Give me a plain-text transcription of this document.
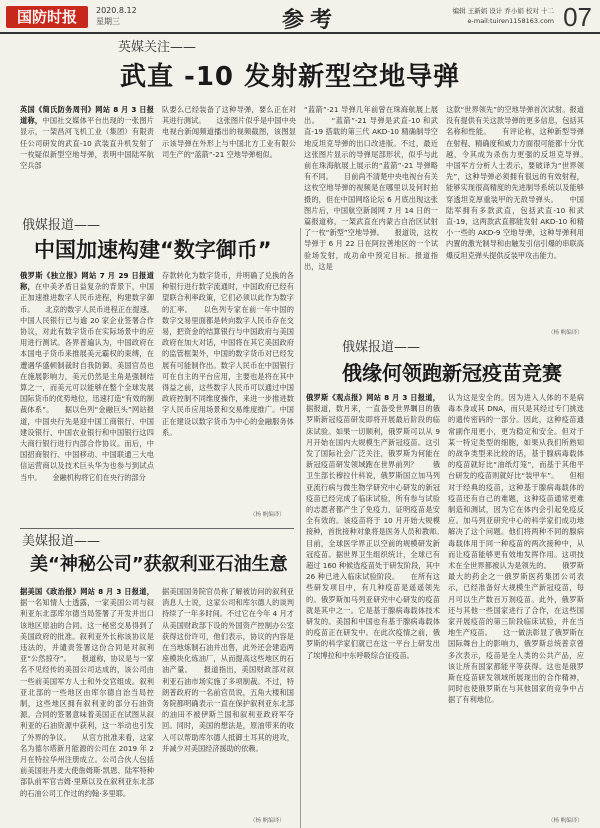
国防时报	2020.8.12
星期三	参考	编辑 王新娟 设计 乔小娟 校对 十二
e-mail:tuiren1158163.com 07
英媒关注——
武直 -10 发射新型空地导弹
英国《简氏防务周刊》网站 8 月 3 日报道称，中国社交媒体平台出现的一张图片显示，一架昌河飞机工业（集团）有限责任公司研发的武直-10 武装直升机发射了一枚疑似新型空地导弹，表明中国陆军航空兵部
队要么已经装备了这种导弹，要么正在对其进行测试。　　这张图片似乎是中国中央电视台新闻频道播出的视频截图，该图显示该导弹在外形上与中国北方工业有限公司生产的“蓝箭”-21 空地导弹相似。
“蓝箭”-21 导弹几年前曾在珠海航展上展出。　　“蓝箭”-21 导弹是武直-10 和武直-19 搭载的第三代 AKD-10 精确制导空地反坦克导弹的出口改进版。不过，最近这张图片显示的导弹尾部形状，似乎与此前在珠海航展上展示的“蓝箭”-21 导弹略有不同。　　目前尚不清楚中央电视台有关这枚空地导弹的视频是在哪里以及何时拍摄的，但在中国网络论坛 6 月底出现这张图片后，中国航空新闻网 7 月 14 日的一篇报道称，一架武直在内蒙古自治区试射了一枚“新型”空地导弹。　　报道说，这枚导弹于 6 月 22 日在阿拉善地区的一个试验场发射，成功命中预定目标。报道指出，这是
这款“世界领先”的空地导弹首次试射。报道没有提供有关这款导弹的更多信息，包括其名称和性能。　　有评论称，这种新型导弹在射程、精确度和威力方面很可能都十分优越，令其成为杀伤力更强的反坦克导弹。　　中国军方分析人士表示，要破译为“世界领先”，这种导弹必须拥有很远的有效射程，能够实现很高精度的先进制导系统以及能够穿透坦克厚重装甲的无敌导弹头。　　中国陆军拥有多款武直，包括武直-10 和武直-19，这两款武直都能发射 AKD-10 和精小一些的 AKD-9 空地导弹，这种导弹利用内置的激光制导和由触发引信引爆的串联高爆反坦克弹头提供反装甲攻击能力。
（杨 帆编译）
俄媒报道——
中国加速构建“数字御币”
俄罗斯《独立报》网站 7 月 29 日报道称，在中美矛盾日益复杂的背景下，中国正加速推进数字人民币进程，构建数字御币。　　北京的数字人民币进程正在提速。中国人民银行已与逾 20 家企业签署合作协议，对此有数字货币在实际场景中的应用进行测试。各界普遍认为，中国政府在本国电子货币来推展美元霸权的束缚，在遭遇华盛顿制裁时自我防御。美国官员也在施展影响力，美元仍然是主角是强制结算之一，而美元可以能够在整个全球发展国际货币的优势地位，迅速打造“有效的制裁体系”。　　据以色列“金融巨头”网站报道，中国央行先是迎中国工商银行、中国建设银行、中国农业银行和中国银行这四大商行银行进行内部合作协议。而后，中国招商银行、中国移动、中国联通三大电信运营商以及技术巨头华为也参与到试点当中。　　金融机构将它们在央行的部分
存款转化为数字货币，并明确了兑换的各种银行进行数字流通时，中国政府已经有望联合利率政策，它们必须以此作为数字的汇率。　　以色列专家在前一年中国的数字交易里面都是转向数字人民币存在交易，把资金的结算银行与中国政府与美国政府在加大对话，中国将在其它美国政府的监管框架外，中国的数字货币对已经发展有可能制作出。数字人民币在中国银行可在自主的平台应用，主要也是将在其中得益之前，这些数字人民币可以通过中国政府控制不同维度操作，来进一步推进数字人民币应用场景和交易维度推广。中国正在建设以数字货币为中心的金融服务体系。
（杨 帆编译）
俄媒报道——
俄缘何领跑新冠疫苗竞赛
俄罗斯《观点报》网站 8 月 3 日报道，据报道，数月来，一直备受世界瞩目的俄罗斯新冠疫苗研发即将开展最后阶段的临床试验。如果一切顺利，俄罗斯可以从 9 月开始在国内大规模生产新冠疫苗。这引发了国际社会广泛关注，俄罗斯为何能在新冠疫苗研发领域跑在世界前列？　　俄卫生部长穆拉什科说，俄罗斯国立加马列亚流行病与微生物学研究中心研发的新冠疫苗已经完成了临床试验，所有参与试验的志愿者都产生了免疫力，证明疫苗是安全有效的。该疫苗将于 10 月开始大规模接种，首批接种对象将是医务人员和教师。　　目前，全球医学界正以空前的规模研发新冠疫苗。据世界卫生组织统计，全球已有超过 160 种候选疫苗处于研发阶段，其中 26 种已进入临床试验阶段。　　在所有这些研发项目中，有几种疫苗是遥遥领先的。俄罗斯加马列亚研究中心研发的疫苗就是其中之一。它是基于腺病毒载体技术研发的。美国和中国也有基于腺病毒载体的疫苗正在研发中。在此次疫情之前，俄罗斯的科学家们就已在这一平台上研发出了埃博拉和中东呼吸综合征疫苗。
认为这是安全的。因为进入人体的不是病毒本身或其 DNA，而只是其经过专门挑选的遗传密码的一部分。因此，这种疫苗通常副作用更小，更为稳定和安全。但对于某一特定类型的细胞，如果从我们所熟知的战争类型来比较的话，基于腺病毒载体的疫苗就好比“油纸灯笼”，而基于其他平台研发的疫苗则就好比“装甲车”。　　但相对于经典的疫苗，这种基于腺病毒载体的疫苗还有自己的难题，这种疫苗通常更难制造和测试，因为它在体内会引起免疫反应。加马列亚研究中心的科学家们成功地解决了这个问题。他们将两种不同的腺病毒载体用于同一种疫苗的两次接种中，从而让疫苗能够更有效地发挥作用。这项技术在全世界都被认为是领先的。　　俄罗斯最大的药企之一俄罗斯医药集团公司表示，已经准备好大规模生产新冠疫苗，每月可以生产数百万剂疫苗。此外，俄罗斯还与其他一些国家进行了合作，在这些国家开展疫苗的第三阶段临床试验，并在当地生产疫苗。　　这一做法彰显了俄罗斯在国际舞台上的影响力，俄罗斯总统普京曾多次表示，疫苗是全人类的公共产品，应该让所有国家都能平等获得。这也是俄罗斯在疫苗研发领域所展现出的合作精神，同时也使俄罗斯在与其他国家的竞争中占据了有利地位。
（杨 帆编译）
美媒报道——
美“神秘公司”获叙利亚石油生意
据美国《政治报》网站 8 月 3 日报道，据一名知情人士透露，一家美国公司与叙利亚东北部库尔德当局签署了开发并出口该地区原油的合同。这一秘密交易得到了美国政府的批准。叙利亚外长称该协议是违法的，并谴责签署这份合同是对叙利亚“公然掠夺”。　　报道称，协议是与一家名不见经传的美国公司达成的，该公司由一些前美国军方人士和外交官组成。叙利亚北部的一些地区由库尔德自治当局控制，这些地区拥有叙利亚的部分石油资源。合同的签署意味着美国正在试图从叙利亚的石油资源中获利，这一举动也引发了外界的争议。　　从官方批准来看，这家名为德尔塔新月能源的公司在 2019 年 2 月在特拉华州注册成立。公司合伙人包括前美国驻丹麦大使詹姆斯·凯恩、陆军特种部队前军官吉姆·里斯以及在叙利亚东北部的石油公司工作过的约翰·多里耶。
据美国国务院官员称了解被访问的叙利亚消息人士说，这家公司和库尔德人的谈判持续了一年多时间。不过它在今年 4 月才从美国财政部下设的外国资产控制办公室获得这份许可，他们表示，协议的内容是在当地炼制石油并出售，此外还会建造两座模块化炼油厂，从而提高这些地区的石油产量。　　报道指出，美国财政部对叙利亚石油市场实施了多项制裁。不过，特朗普政府的一名前官员说，五角大楼和国务院都明确表示一直在保护叙利亚东北部的油田不被伊斯兰国和叙利亚政府军夺回。同时，美国的想法是，原油带来的收入可以帮助库尔德人抵御土耳其的进攻，并减少对美国经济援助的依赖。
（杨 帆编译）
